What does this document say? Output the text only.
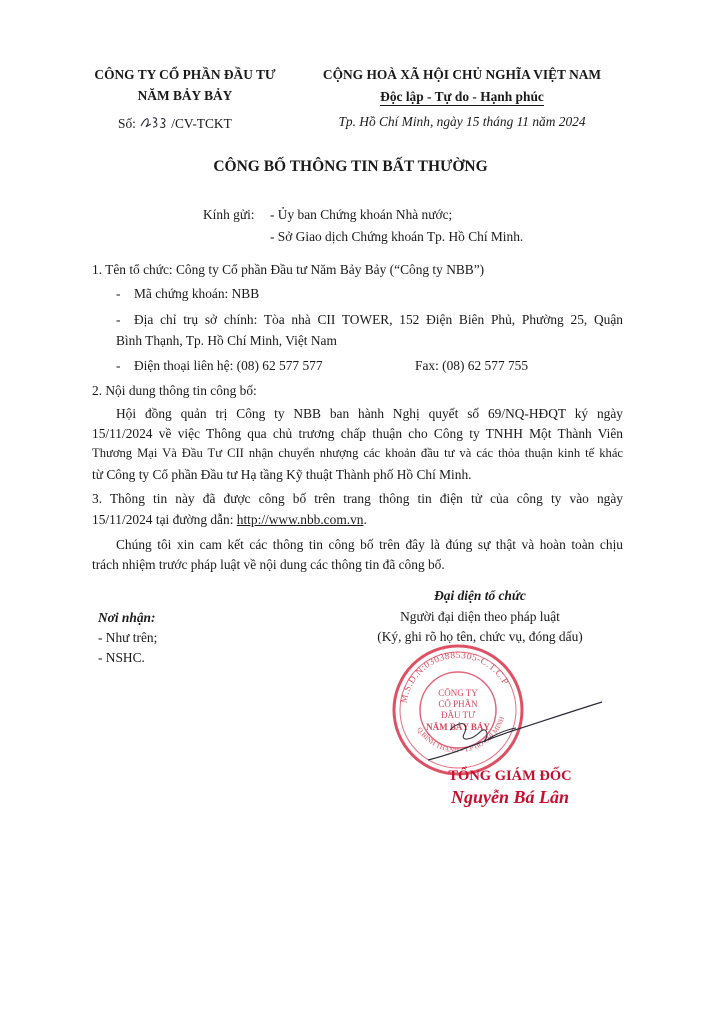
CÔNG TY CỔ PHẦN ĐẦU TƯ
NĂM BẢY BẢY
Số:	/CV-TCKT
CỘNG HOÀ XÃ HỘI CHỦ NGHĨA VIỆT NAM
Độc lập - Tự do - Hạnh phúc
Tp. Hồ Chí Minh, ngày 15 tháng 11 năm 2024
CÔNG BỐ THÔNG TIN BẤT THƯỜNG
Kính gửi: - Ủy ban Chứng khoán Nhà nước;
- Sở Giao dịch Chứng khoán Tp. Hồ Chí Minh.
1. Tên tổ chức: Công ty Cổ phần Đầu tư Năm Bảy Bảy (“Công ty NBB”)
- Mã chứng khoán: NBB
- Địa chỉ trụ sở chính: Tòa nhà CII TOWER, 152 Điện Biên Phủ, Phường 25, Quận
Bình Thạnh, Tp. Hồ Chí Minh, Việt Nam
- Điện thoại liên hệ: (08) 62 577 577	Fax: (08) 62 577 755
2. Nội dung thông tin công bố:
Hội đồng quản trị Công ty NBB ban hành Nghị quyết số 69/NQ-HĐQT ký ngày
15/11/2024 về việc Thông qua chủ trương chấp thuận cho Công ty TNHH Một Thành Viên
Thương Mại Và Đầu Tư CII nhận chuyển nhượng các khoản đầu tư và các thỏa thuận kinh tế khác
từ Công ty Cổ phần Đầu tư Hạ tầng Kỹ thuật Thành phố Hồ Chí Minh.
3. Thông tin này đã được công bố trên trang thông tin điện tử của công ty vào ngày
15/11/2024 tại đường dẫn: http://www.nbb.com.vn.
Chúng tôi xin cam kết các thông tin công bố trên đây là đúng sự thật và hoàn toàn chịu
trách nhiệm trước pháp luật về nội dung các thông tin đã công bố.
Đại diện tổ chức
Người đại diện theo pháp luật
(Ký, ghi rõ họ tên, chức vụ, đóng dấu)
Nơi nhận:
- Như trên;
- NSHC.
M.S.D.N:0303885305-C.T.C.P
Q.BÌNH THẠNH - T.P HỒ CHÍ MINH
CÔNG TY
CỔ PHẦN
ĐẦU TƯ
NĂM BẢY BẢY
TỔNG GIÁM ĐỐC
Nguyễn Bá Lân
